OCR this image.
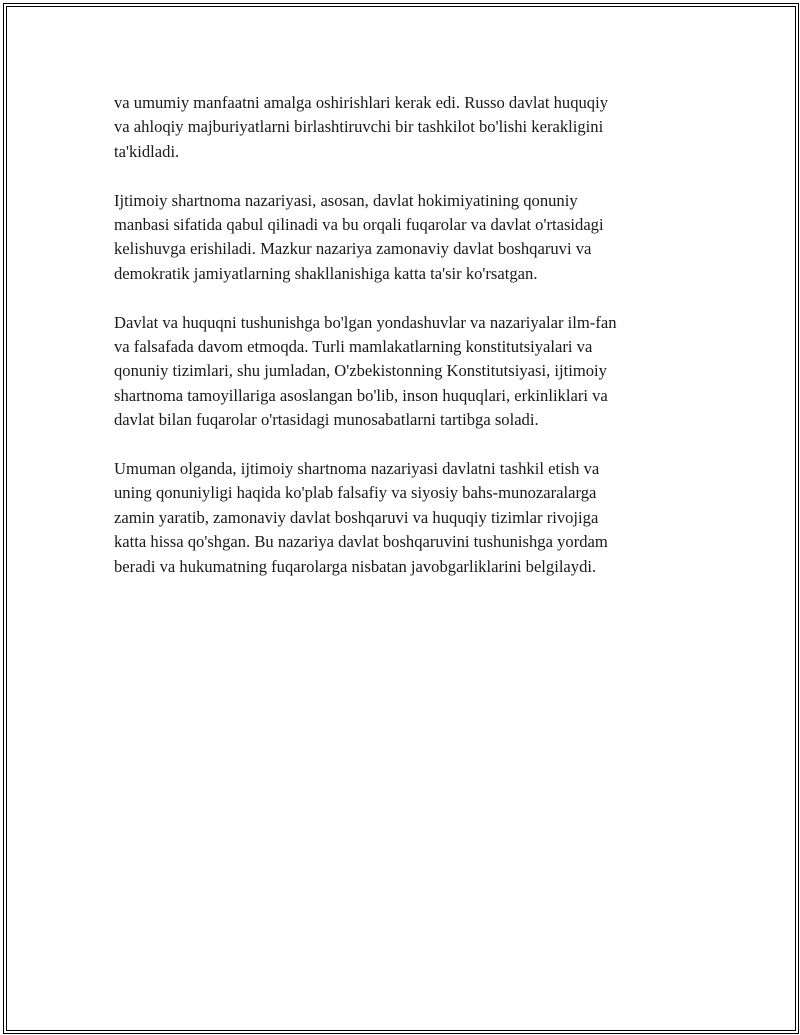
va umumiy manfaatni amalga oshirishlari kerak edi. Russo davlat huquqiy
va ahloqiy majburiyatlarni birlashtiruvchi bir tashkilot bo'lishi kerakligini
ta'kidladi.

Ijtimoiy shartnoma nazariyasi, asosan, davlat hokimiyatining qonuniy
manbasi sifatida qabul qilinadi va bu orqali fuqarolar va davlat o'rtasidagi
kelishuvga erishiladi. Mazkur nazariya zamonaviy davlat boshqaruvi va
demokratik jamiyatlarning shakllanishiga katta ta'sir ko'rsatgan.

Davlat va huquqni tushunishga bo'lgan yondashuvlar va nazariyalar ilm-fan
va falsafada davom etmoqda. Turli mamlakatlarning konstitutsiyalari va
qonuniy tizimlari, shu jumladan, O'zbekistonning Konstitutsiyasi, ijtimoiy
shartnoma tamoyillariga asoslangan bo'lib, inson huquqlari, erkinliklari va
davlat bilan fuqarolar o'rtasidagi munosabatlarni tartibga soladi.

Umuman olganda, ijtimoiy shartnoma nazariyasi davlatni tashkil etish va
uning qonuniyligi haqida ko'plab falsafiy va siyosiy bahs-munozaralarga
zamin yaratib, zamonaviy davlat boshqaruvi va huquqiy tizimlar rivojiga
katta hissa qo'shgan. Bu nazariya davlat boshqaruvini tushunishga yordam
beradi va hukumatning fuqarolarga nisbatan javobgarliklarini belgilaydi.
